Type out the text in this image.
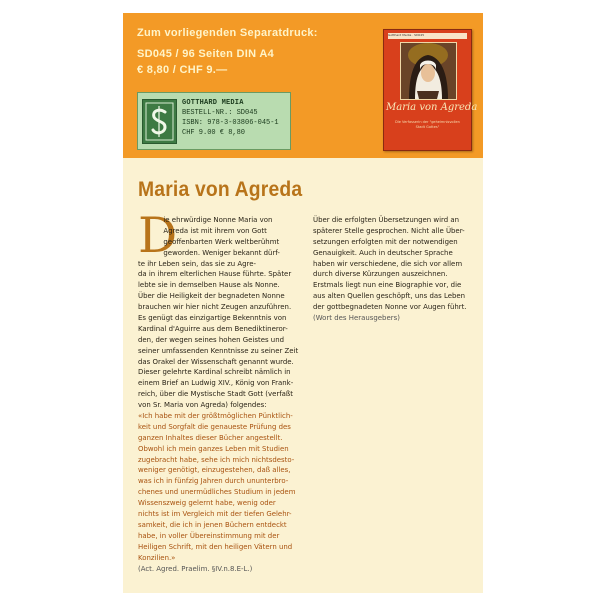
Zum vorliegenden Separatdruck:
SD045 / 96 Seiten DIN A4
€ 8,80 / CHF 9.—
GOTTHARD MEDIA
BESTELL-NR.: SD045
ISBN: 978-3-03806-045-1
CHF 9.00 € 8,80
Gotthard Media · SD045
Maria von Agreda
Die Verfasserin der "geheimnisvollen Stadt Gottes"
Maria von Agreda
D
ie ehrwürdige Nonne Maria von
Agreda ist mit ihrem von Gott
geoffenbarten Werk weltberühmt
geworden. Weniger bekannt dürf-
te ihr Leben sein, das sie zu Agre-
da in ihrem elterlichen Hause führte. Später
lebte sie in demselben Hause als Nonne.
Über die Heiligkeit der begnadeten Nonne
brauchen wir hier nicht Zeugen anzuführen.
Es genügt das einzigartige Bekenntnis von
Kardinal d'Aguirre aus dem Benediktineror-
den, der wegen seines hohen Geistes und
seiner umfassenden Kenntnisse zu seiner Zeit
das Orakel der Wissenschaft genannt wurde.
Dieser gelehrte Kardinal schreibt nämlich in
einem Brief an Ludwig XIV., König von Frank-
reich, über die Mystische Stadt Gott (verfaßt
von Sr. Maria von Agreda) folgendes:
«Ich habe mit der größtmöglichen Pünktlich-
keit und Sorgfalt die genaueste Prüfung des
ganzen Inhaltes dieser Bücher angestellt.
Obwohl ich mein ganzes Leben mit Studien
zugebracht habe, sehe ich mich nichtsdesto-
weniger genötigt, einzugestehen, daß alles,
was ich in fünfzig Jahren durch ununterbro-
chenes und unermüdliches Studium in jedem
Wissenszweig gelernt habe, wenig oder
nichts ist im Vergleich mit der tiefen Gelehr-
samkeit, die ich in jenen Büchern entdeckt
habe, in voller Übereinstimmung mit der
Heiligen Schrift, mit den heiligen Vätern und
Konzilien.»
(Act. Agred. Praelim. §IV.n.8.E-L.)
Über die erfolgten Übersetzungen wird an
späterer Stelle gesprochen. Nicht alle Über-
setzungen erfolgten mit der notwendigen
Genauigkeit. Auch in deutscher Sprache
haben wir verschiedene, die sich vor allem
durch diverse Kürzungen auszeichnen.
Erstmals liegt nun eine Biographie vor, die
aus alten Quellen geschöpft, uns das Leben
der gottbegnadeten Nonne vor Augen führt.
(Wort des Herausgebers)
